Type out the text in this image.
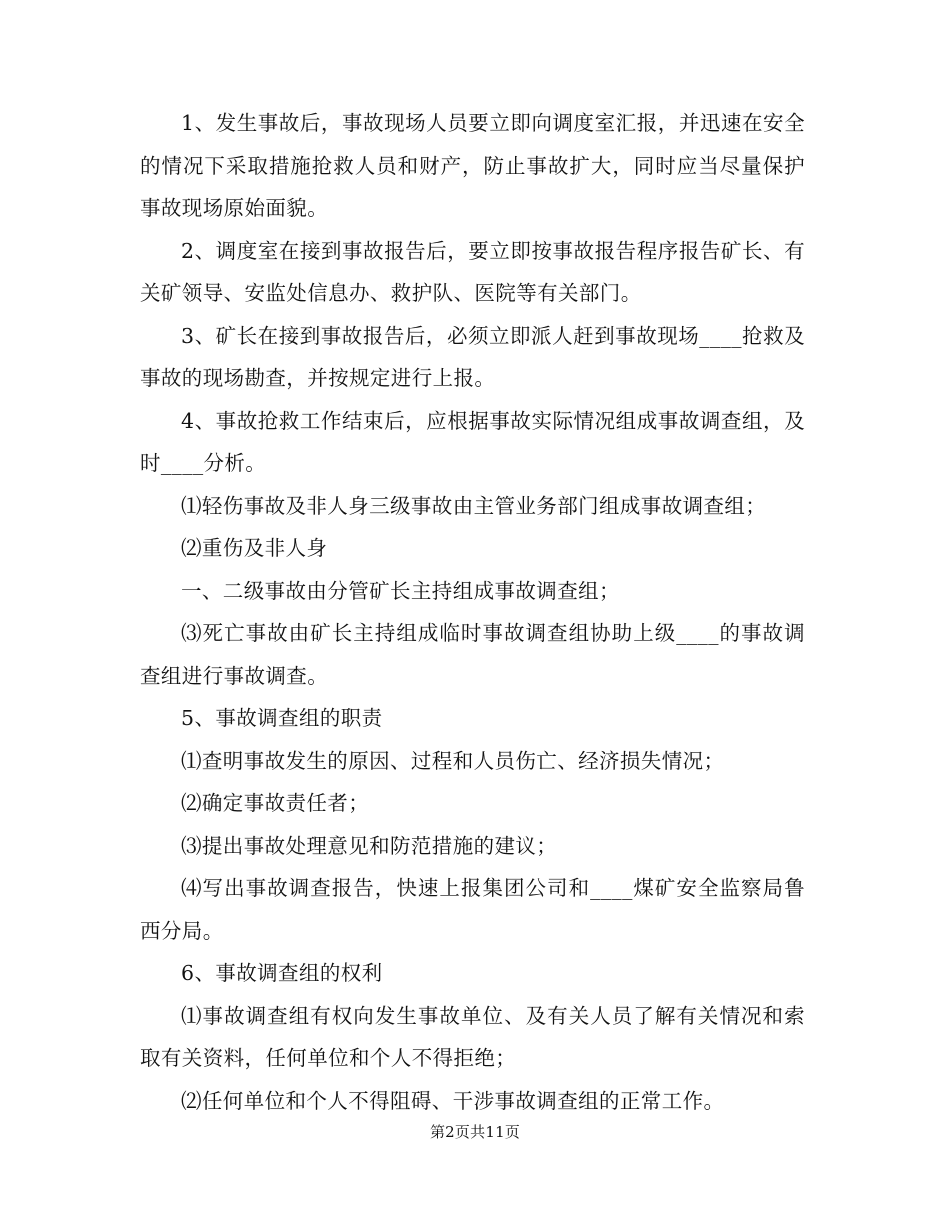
1、发生事故后，事故现场人员要立即向调度室汇报，并迅速在安全的情况下采取措施抢救人员和财产，防止事故扩大，同时应当尽量保护事故现场原始面貌。

2、调度室在接到事故报告后，要立即按事故报告程序报告矿长、有关矿领导、安监处信息办、救护队、医院等有关部门。

3、矿长在接到事故报告后，必须立即派人赶到事故现场____抢救及事故的现场勘查，并按规定进行上报。

4、事故抢救工作结束后，应根据事故实际情况组成事故调查组，及时____分析。

⑴轻伤事故及非人身三级事故由主管业务部门组成事故调查组；

⑵重伤及非人身

一、二级事故由分管矿长主持组成事故调查组；

⑶死亡事故由矿长主持组成临时事故调查组协助上级____的事故调查组进行事故调查。

5、事故调查组的职责

⑴查明事故发生的原因、过程和人员伤亡、经济损失情况；

⑵确定事故责任者；

⑶提出事故处理意见和防范措施的建议；

⑷写出事故调查报告，快速上报集团公司和____煤矿安全监察局鲁西分局。

6、事故调查组的权利

⑴事故调查组有权向发生事故单位、及有关人员了解有关情况和索取有关资料，任何单位和个人不得拒绝；

⑵任何单位和个人不得阻碍、干涉事故调查组的正常工作。

第2页共11页
